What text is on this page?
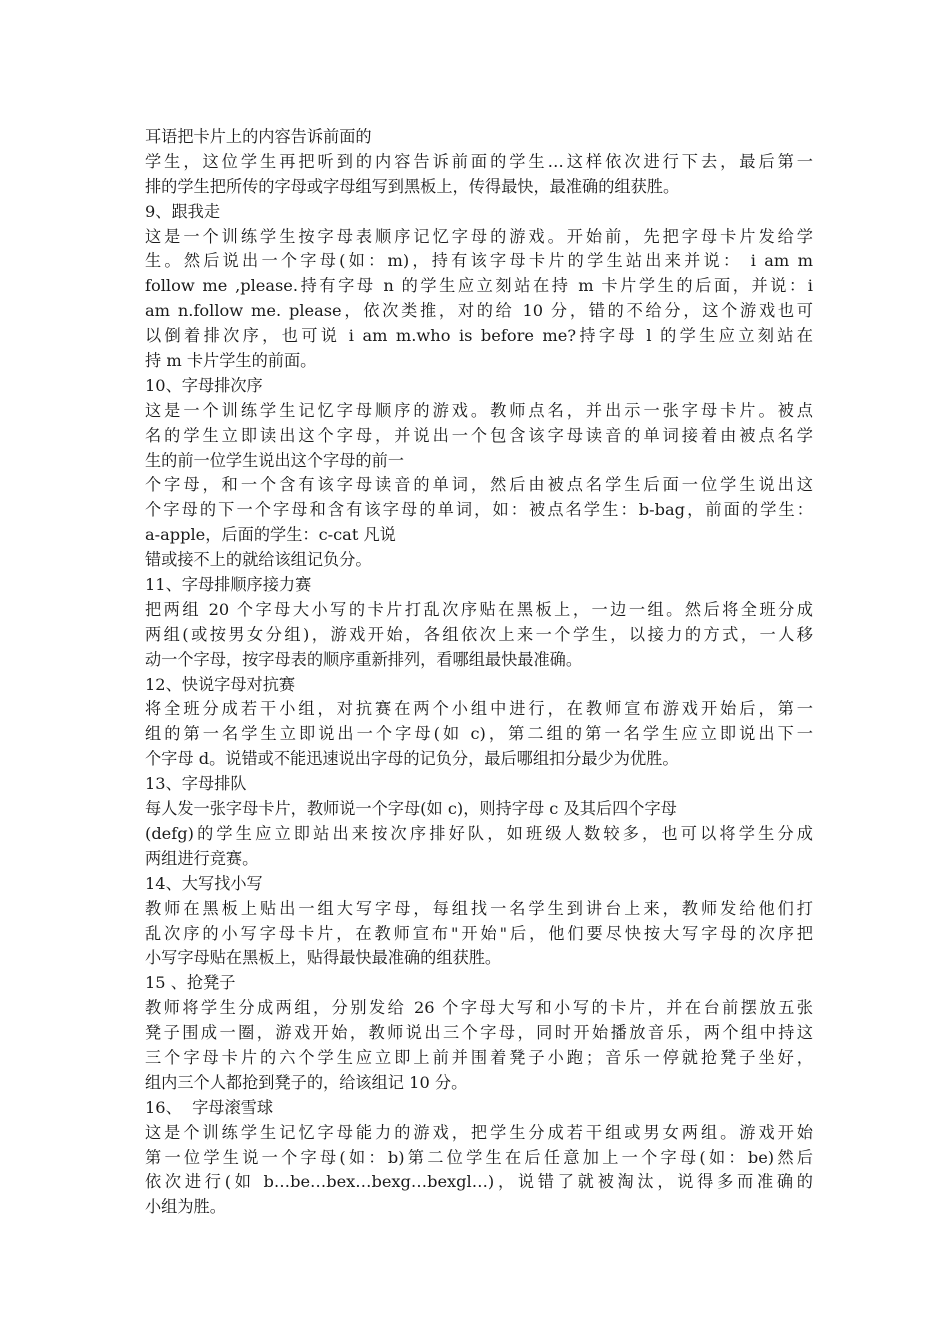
耳语把卡片上的内容告诉前面的
学生，这位学生再把听到的内容告诉前面的学生…这样依次进行下去，最后第一
排的学生把所传的字母或字母组写到黑板上，传得最快，最准确的组获胜。
9、跟我走
这是一个训练学生按字母表顺序记忆字母的游戏。开始前，先把字母卡片发给学
生。然后说出一个字母(如：m)，持有该字母卡片的学生站出来并说： i am m
follow me ,please.持有字母 n 的学生应立刻站在持 m 卡片学生的后面，并说：i
am n.follow me. please，依次类推，对的给 10 分，错的不给分，这个游戏也可
以倒着排次序，也可说 i am m.who is before me?持字母 l 的学生应立刻站在
持 m 卡片学生的前面。
10、字母排次序
这是一个训练学生记忆字母顺序的游戏。教师点名，并出示一张字母卡片。被点
名的学生立即读出这个字母，并说出一个包含该字母读音的单词接着由被点名学
生的前一位学生说出这个字母的前一
个字母，和一个含有该字母读音的单词，然后由被点名学生后面一位学生说出这
个字母的下一个字母和含有该字母的单词，如：被点名学生：b-bag，前面的学生：
a-apple，后面的学生：c-cat 凡说
错或接不上的就给该组记负分。
11、字母排顺序接力赛
把两组 20 个字母大小写的卡片打乱次序贴在黑板上，一边一组。然后将全班分成
两组(或按男女分组)，游戏开始，各组依次上来一个学生，以接力的方式，一人移
动一个字母，按字母表的顺序重新排列，看哪组最快最准确。
12、快说字母对抗赛
将全班分成若干小组，对抗赛在两个小组中进行，在教师宣布游戏开始后，第一
组的第一名学生立即说出一个字母(如 c)，第二组的第一名学生应立即说出下一
个字母 d。说错或不能迅速说出字母的记负分，最后哪组扣分最少为优胜。
13、字母排队
每人发一张字母卡片，教师说一个字母(如 c)，则持字母 c 及其后四个字母
(defg)的学生应立即站出来按次序排好队，如班级人数较多，也可以将学生分成
两组进行竞赛。
14、大写找小写
教师在黑板上贴出一组大写字母，每组找一名学生到讲台上来，教师发给他们打
乱次序的小写字母卡片，在教师宣布"开始"后，他们要尽快按大写字母的次序把
小写字母贴在黑板上，贴得最快最准确的组获胜。
15 、抢凳子
教师将学生分成两组，分别发给 26 个字母大写和小写的卡片，并在台前摆放五张
凳子围成一圈，游戏开始，教师说出三个字母，同时开始播放音乐，两个组中持这
三个字母卡片的六个学生应立即上前并围着凳子小跑；音乐一停就抢凳子坐好，
组内三个人都抢到凳子的，给该组记 10 分。
16、  字母滚雪球
这是个训练学生记忆字母能力的游戏，把学生分成若干组或男女两组。游戏开始
第一位学生说一个字母(如：b)第二位学生在后任意加上一个字母(如：be)然后
依次进行(如 b…be…bex…bexg…bexgl…)，说错了就被淘汰，说得多而准确的
小组为胜。
